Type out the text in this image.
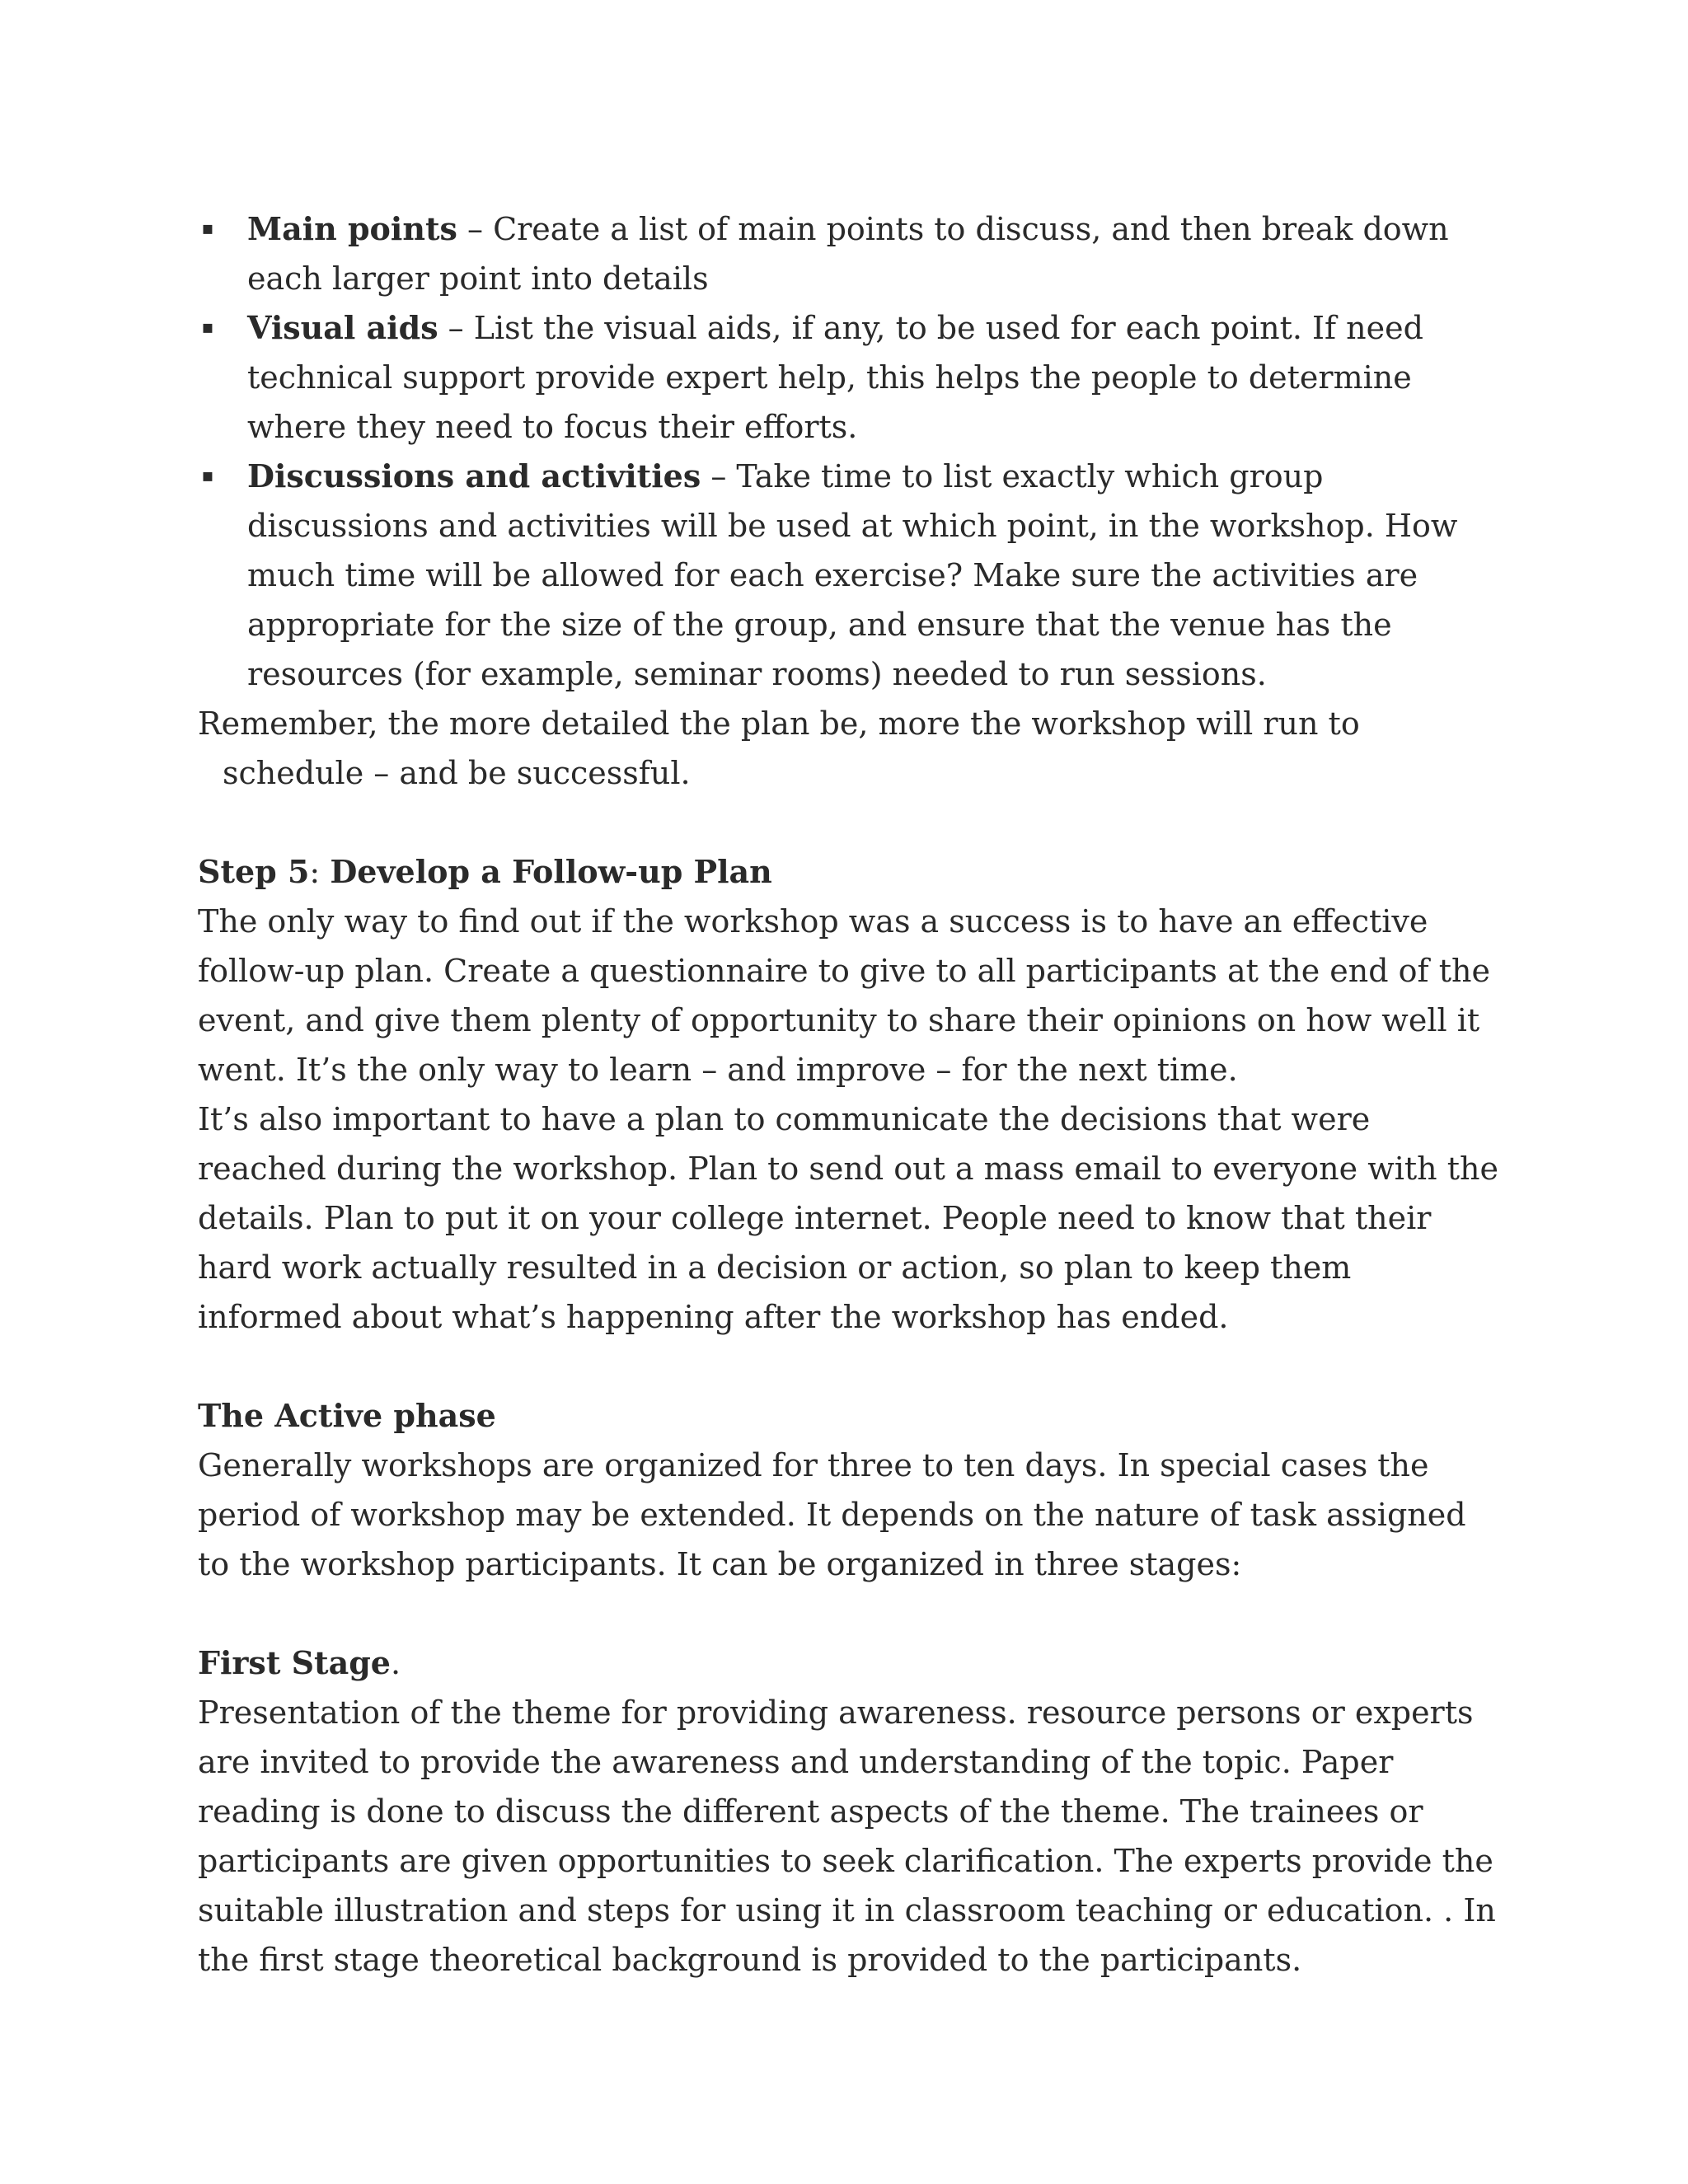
▪ Main points – Create a list of main points to discuss, and then break down each larger point into details
▪ Visual aids – List the visual aids, if any, to be used for each point. If need technical support provide expert help, this helps the people to determine where they need to focus their efforts.
▪ Discussions and activities – Take time to list exactly which group discussions and activities will be used at which point, in the workshop. How much time will be allowed for each exercise? Make sure the activities are appropriate for the size of the group, and ensure that the venue has the resources (for example, seminar rooms) needed to run sessions.

Remember, the more detailed the plan be, more the workshop will run to

schedule – and be successful.

Step 5: Develop a Follow-up Plan

The only way to find out if the workshop was a success is to have an effective follow-up plan. Create a questionnaire to give to all participants at the end of the event, and give them plenty of opportunity to share their opinions on how well it went. It’s the only way to learn – and improve – for the next time.

It’s also important to have a plan to communicate the decisions that were reached during the workshop. Plan to send out a mass email to everyone with the details. Plan to put it on your college internet. People need to know that their hard work actually resulted in a decision or action, so plan to keep them informed about what’s happening after the workshop has ended.

The Active phase

Generally workshops are organized for three to ten days. In special cases the period of workshop may be extended. It depends on the nature of task assigned to the workshop participants. It can be organized in three stages:

First Stage.

Presentation of the theme for providing awareness. resource persons or experts are invited to provide the awareness and understanding of the topic. Paper reading is done to discuss the different aspects of the theme. The trainees or participants are given opportunities to seek clarification. The experts provide the suitable illustration and steps for using it in classroom teaching or education. . In the first stage theoretical background is provided to the participants.
